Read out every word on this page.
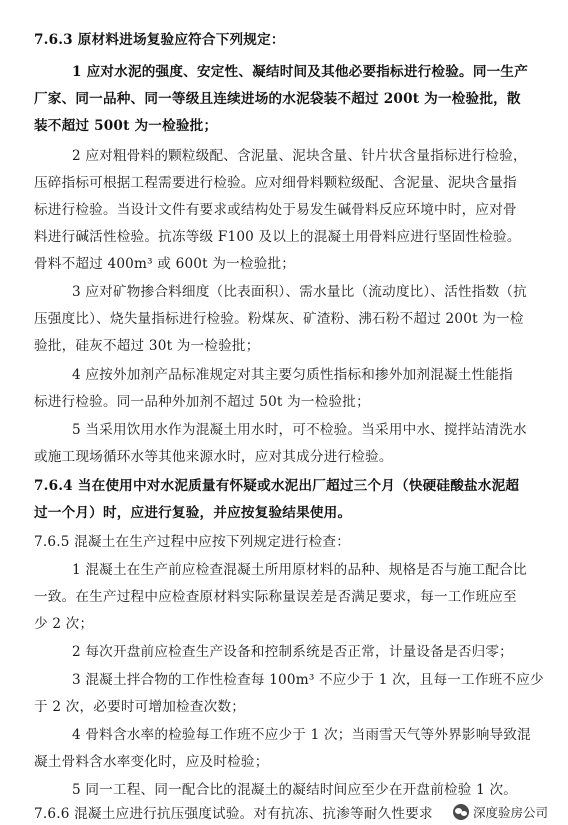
7.6.3 原材料进场复验应符合下列规定：
1 应对水泥的强度、安定性、凝结时间及其他必要指标进行检验。同一生产
厂家、同一品种、同一等级且连续进场的水泥袋装不超过 200t 为一检验批，散
装不超过 500t 为一检验批；
2 应对粗骨料的颗粒级配、含泥量、泥块含量、针片状含量指标进行检验，
压碎指标可根据工程需要进行检验。应对细骨料颗粒级配、含泥量、泥块含量指
标进行检验。当设计文件有要求或结构处于易发生碱骨料反应环境中时，应对骨
料进行碱活性检验。抗冻等级 F100 及以上的混凝土用骨料应进行坚固性检验。
骨料不超过 400m³ 或 600t 为一检验批；
3 应对矿物掺合料细度（比表面积）、需水量比（流动度比）、活性指数（抗
压强度比）、烧失量指标进行检验。粉煤灰、矿渣粉、沸石粉不超过 200t 为一检
验批，硅灰不超过 30t 为一检验批；
4 应按外加剂产品标准规定对其主要匀质性指标和掺外加剂混凝土性能指
标进行检验。同一品种外加剂不超过 50t 为一检验批；
5 当采用饮用水作为混凝土用水时，可不检验。当采用中水、搅拌站清洗水
或施工现场循环水等其他来源水时，应对其成分进行检验。
7.6.4 当在使用中对水泥质量有怀疑或水泥出厂超过三个月（快硬硅酸盐水泥超
过一个月）时，应进行复验，并应按复验结果使用。
7.6.5 混凝土在生产过程中应按下列规定进行检查：
1 混凝土在生产前应检查混凝土所用原材料的品种、规格是否与施工配合比
一致。在生产过程中应检查原材料实际称量误差是否满足要求，每一工作班应至
少 2 次；
2 每次开盘前应检查生产设备和控制系统是否正常，计量设备是否归零；
3 混凝土拌合物的工作性检查每 100m³ 不应少于 1 次，且每一工作班不应少
于 2 次，必要时可增加检查次数；
4 骨料含水率的检验每工作班不应少于 1 次；当雨雪天气等外界影响导致混
凝土骨料含水率变化时，应及时检验；
5 同一工程、同一配合比的混凝土的凝结时间应至少在开盘前检验 1 次。
7.6.6 混凝土应进行抗压强度试验。对有抗冻、抗渗等耐久性要求	深度验房公司
